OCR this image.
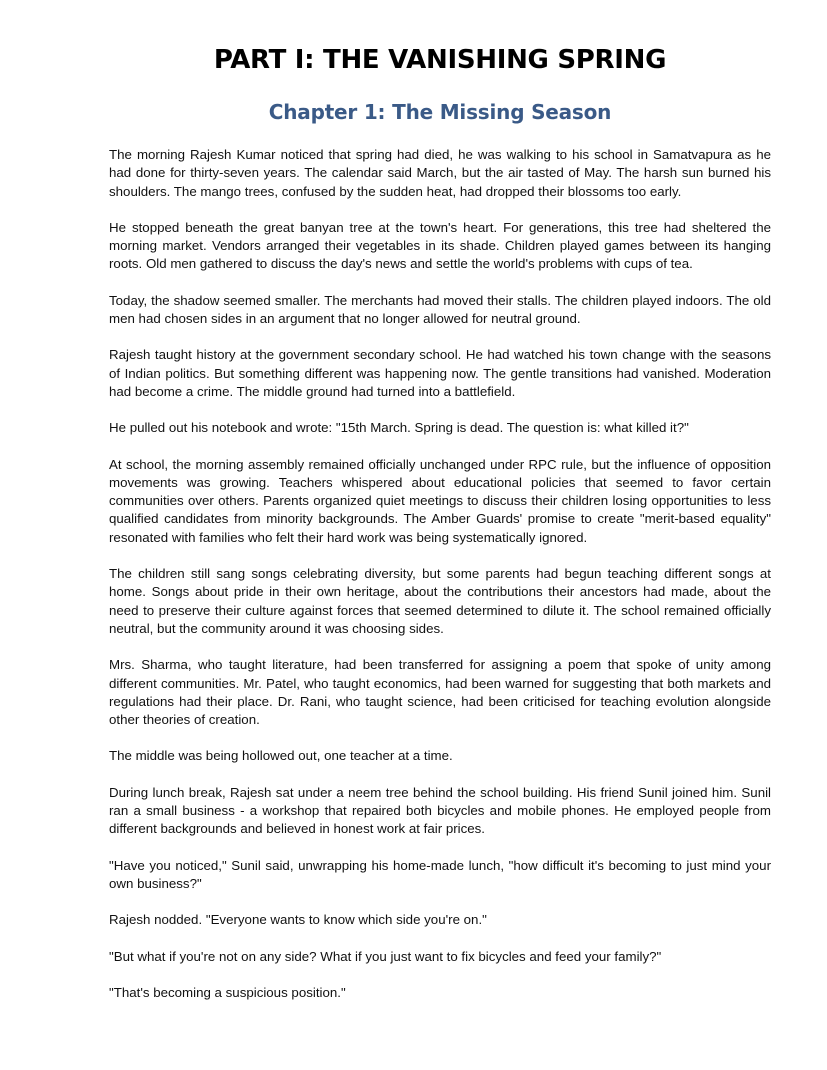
PART I: THE VANISHING SPRING
Chapter 1: The Missing Season

The morning Rajesh Kumar noticed that spring had died, he was walking to his school in Samatvapura as he had done for thirty-seven years. The calendar said March, but the air tasted of May. The harsh sun burned his shoulders. The mango trees, confused by the sudden heat, had dropped their blossoms too early.

He stopped beneath the great banyan tree at the town's heart. For generations, this tree had sheltered the morning market. Vendors arranged their vegetables in its shade. Children played games between its hanging roots. Old men gathered to discuss the day's news and settle the world's problems with cups of tea.

Today, the shadow seemed smaller. The merchants had moved their stalls. The children played indoors. The old men had chosen sides in an argument that no longer allowed for neutral ground.

Rajesh taught history at the government secondary school. He had watched his town change with the seasons of Indian politics. But something different was happening now. The gentle transitions had vanished. Moderation had become a crime. The middle ground had turned into a battlefield.

He pulled out his notebook and wrote: "15th March. Spring is dead. The question is: what killed it?"

At school, the morning assembly remained officially unchanged under RPC rule, but the influence of opposition movements was growing. Teachers whispered about educational policies that seemed to favor certain communities over others. Parents organized quiet meetings to discuss their children losing opportunities to less qualified candidates from minority backgrounds. The Amber Guards' promise to create "merit-based equality" resonated with families who felt their hard work was being systematically ignored.

The children still sang songs celebrating diversity, but some parents had begun teaching different songs at home. Songs about pride in their own heritage, about the contributions their ancestors had made, about the need to preserve their culture against forces that seemed determined to dilute it. The school remained officially neutral, but the community around it was choosing sides.

Mrs. Sharma, who taught literature, had been transferred for assigning a poem that spoke of unity among different communities. Mr. Patel, who taught economics, had been warned for suggesting that both markets and regulations had their place. Dr. Rani, who taught science, had been criticised for teaching evolution alongside other theories of creation.

The middle was being hollowed out, one teacher at a time.

During lunch break, Rajesh sat under a neem tree behind the school building. His friend Sunil joined him. Sunil ran a small business - a workshop that repaired both bicycles and mobile phones. He employed people from different backgrounds and believed in honest work at fair prices.

"Have you noticed," Sunil said, unwrapping his home-made lunch, "how difficult it's becoming to just mind your own business?"

Rajesh nodded. "Everyone wants to know which side you're on."

"But what if you're not on any side? What if you just want to fix bicycles and feed your family?"

"That's becoming a suspicious position."
